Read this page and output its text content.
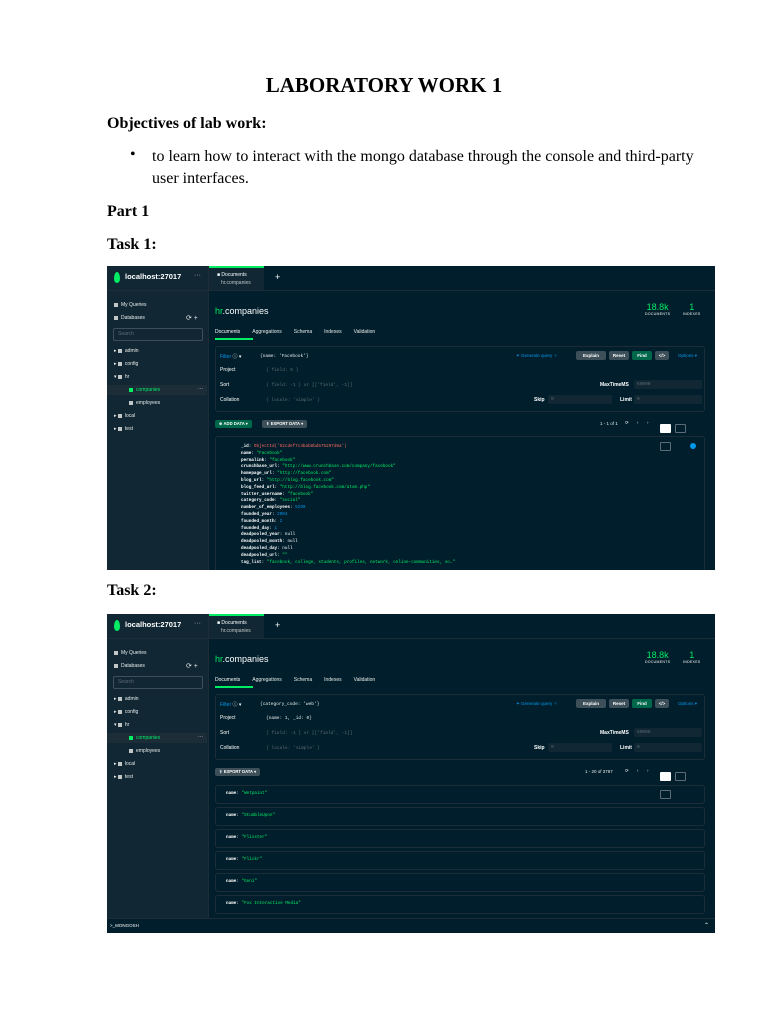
LABORATORY WORK 1
Objectives of lab work:
• to learn how to interact with the mongo database through the console and third-party user interfaces.
Part 1
Task 1:
Task 2:
localhost:27017 ···
My Queries
Databases	⟳ +
Search
▸ admin
▸ config
▾ hr
companies	···
employees
▸ local
▸ test
■ Documents
hr.companies
+
hr.companies	18.8k
DOCUMENTS
1
INDEXES
Documents Aggregations Schema Indexes Validation
Filter ⓘ ▾	{name: 'Facebook'}	✦ Generate query ✧	Explain	Reset	Find	</>	Options ▾
Project	{ field: 0 }
Sort	{ field: -1 } or [['field', -1]]	MaxTimeMS 60000
Collation	{ locale: 'simple' }	Skip 0	Limit 0
⊕ ADD DATA ▾	⇪ EXPORT DATA ▾	1 - 1 of 1 ⟳ ‹ ›
_id: ObjectId('52cdef7c4bab8bd675297d8a')
name: "Facebook"
permalink: "facebook"
crunchbase_url: "http://www.crunchbase.com/company/facebook"
homepage_url: "http://facebook.com"
blog_url: "http://blog.facebook.com"
blog_feed_url: "http://blog.facebook.com/atom.php"
twitter_username: "facebook"
category_code: "social"
number_of_employees: 5299
founded_year: 2004
founded_month: 2
founded_day: 1
deadpooled_year: null
deadpooled_month: null
deadpooled_day: null
deadpooled_url: ""
tag_list: "facebook, college, students, profiles, network, online-communities, so…"
localhost:27017 ···
My Queries
Databases	⟳ +
Search
▸ admin
▸ config
▾ hr
companies	···
employees
▸ local
▸ test
■ Documents
hr.companies
+
hr.companies	18.8k
DOCUMENTS
1
INDEXES
Documents Aggregations Schema Indexes Validation
Filter ⓘ ▾	{category_code: 'web'}	✦ Generate query ✧	Explain	Reset	Find	</>	Options ▾
Project	{name: 1, _id: 0}
Sort	{ field: -1 } or [['field', -1]]	MaxTimeMS 60000
Collation	{ locale: 'simple' }	Skip 0	Limit 0
⇪ EXPORT DATA ▾	1 - 20 of 3787	⟳ ‹ ›
name: "Wetpaint"
name: "StumbleUpon"
name: "Flixster"
name: "Flickr"
name: "Geni"
name: "Fox Interactive Media"
>_MONGOSH	⌃
